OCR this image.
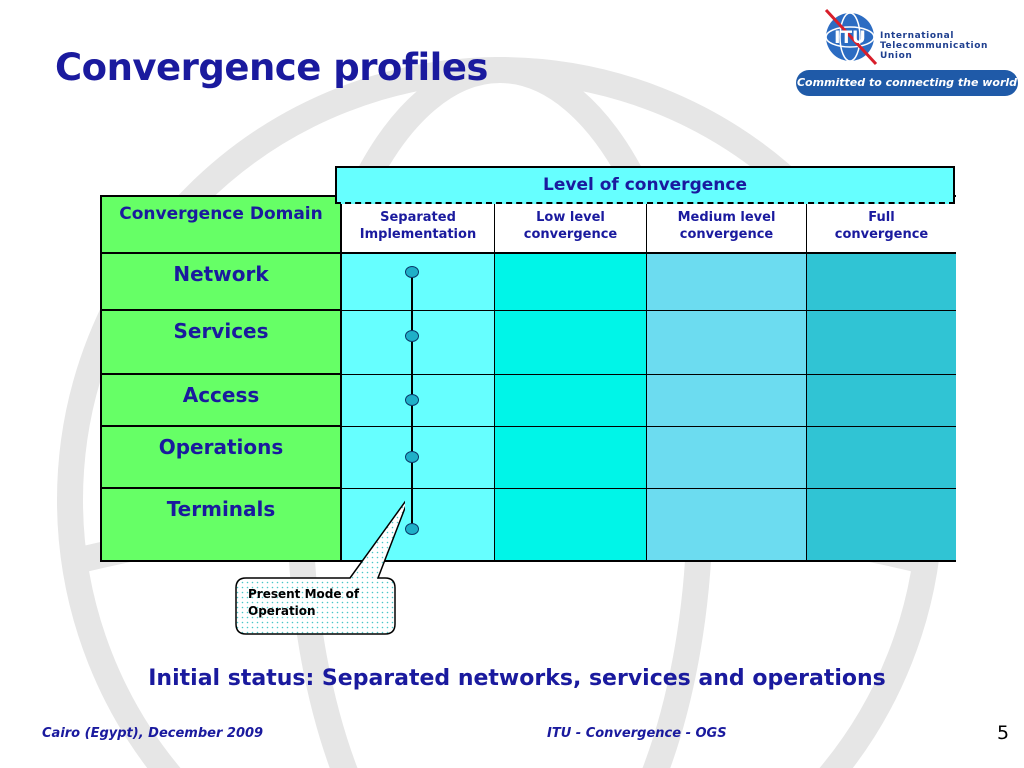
Convergence profiles
ITU International
Telecommunication
Union
Committed to connecting the world
Separated
Implementation
Low level
convergence
Medium level
convergence
Full
convergence
Convergence Domain
Network
Services
Access
Operations
Terminals
Level of convergence
Present Mode of
Operation
Initial status: Separated networks, services and operations
Cairo (Egypt), December 2009	ITU - Convergence - OGS	5
